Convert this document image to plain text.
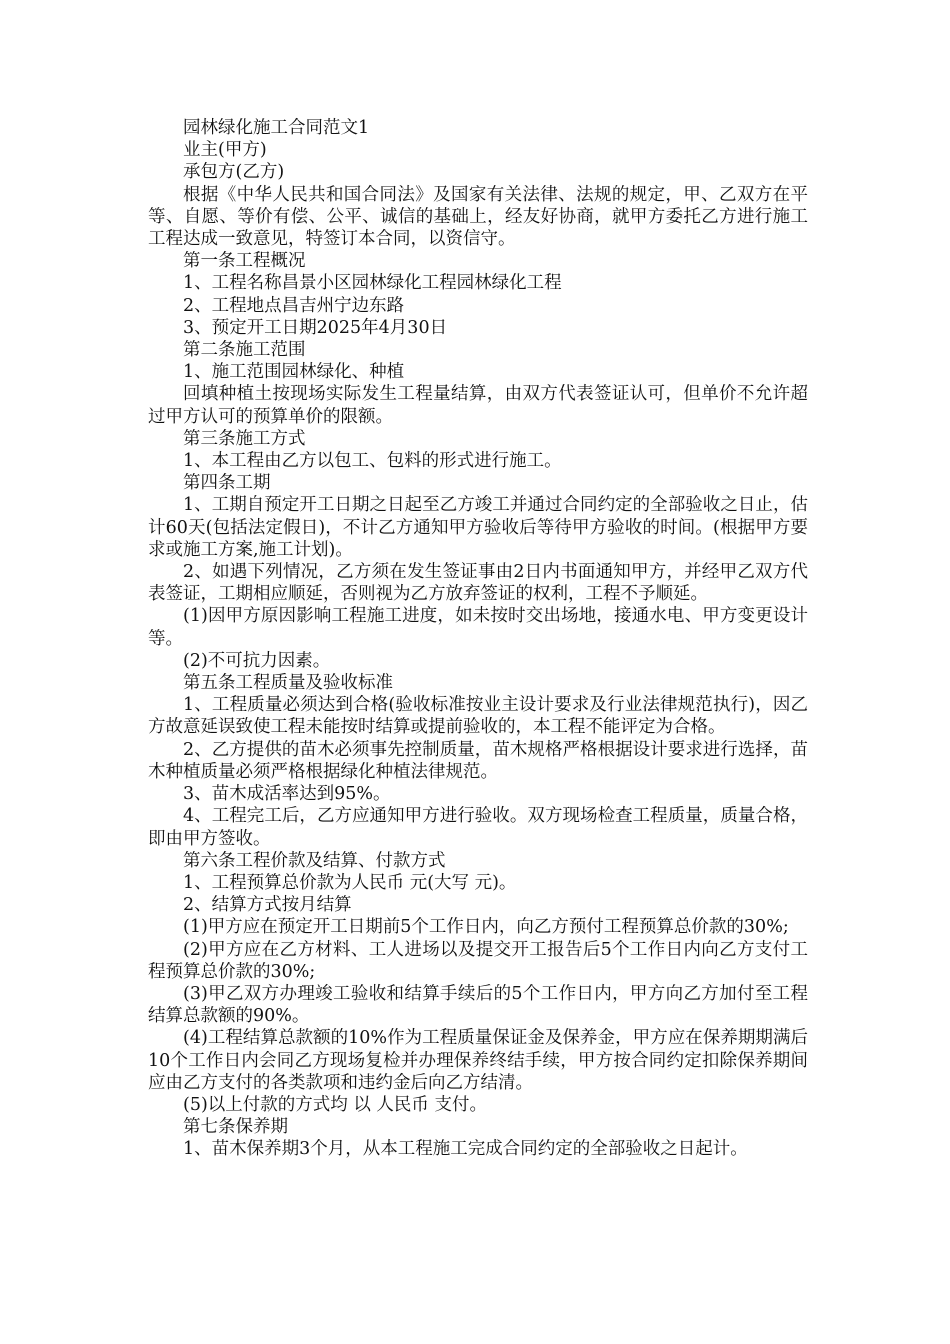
园林绿化施工合同范文1

业主(甲方)

承包方(乙方)

根据《中华人民共和国合同法》及国家有关法律、法规的规定，甲、乙双方在平等、自愿、等价有偿、公平、诚信的基础上，经友好协商，就甲方委托乙方进行施工工程达成一致意见，特签订本合同，以资信守。

第一条工程概况

1、工程名称昌景小区园林绿化工程园林绿化工程

2、工程地点昌吉州宁边东路

3、预定开工日期2025年4月30日

第二条施工范围

1、施工范围园林绿化、种植

回填种植土按现场实际发生工程量结算，由双方代表签证认可，但单价不允许超过甲方认可的预算单价的限额。

第三条施工方式

1、本工程由乙方以包工、包料的形式进行施工。

第四条工期

1、工期自预定开工日期之日起至乙方竣工并通过合同约定的全部验收之日止，估计60天(包括法定假日)，不计乙方通知甲方验收后等待甲方验收的时间。(根据甲方要求或施工方案,施工计划)。

2、如遇下列情况，乙方须在发生签证事由2日内书面通知甲方，并经甲乙双方代表签证，工期相应顺延，否则视为乙方放弃签证的权利，工程不予顺延。

(1)因甲方原因影响工程施工进度，如未按时交出场地，接通水电、甲方变更设计等。

(2)不可抗力因素。

第五条工程质量及验收标准

1、工程质量必须达到合格(验收标准按业主设计要求及行业法律规范执行)，因乙方故意延误致使工程未能按时结算或提前验收的，本工程不能评定为合格。

2、乙方提供的苗木必须事先控制质量，苗木规格严格根据设计要求进行选择，苗木种植质量必须严格根据绿化种植法律规范。

3、苗木成活率达到95%。

4、工程完工后，乙方应通知甲方进行验收。双方现场检查工程质量，质量合格，即由甲方签收。

第六条工程价款及结算、付款方式

1、工程预算总价款为人民币 元(大写 元)。

2、结算方式按月结算

(1)甲方应在预定开工日期前5个工作日内，向乙方预付工程预算总价款的30%;

(2)甲方应在乙方材料、工人进场以及提交开工报告后5个工作日内向乙方支付工程预算总价款的30%;

(3)甲乙双方办理竣工验收和结算手续后的5个工作日内，甲方向乙方加付至工程结算总款额的90%。

(4)工程结算总款额的10%作为工程质量保证金及保养金，甲方应在保养期期满后10个工作日内会同乙方现场复检并办理保养终结手续，甲方按合同约定扣除保养期间应由乙方支付的各类款项和违约金后向乙方结清。

(5)以上付款的方式均 以 人民币 支付。

第七条保养期

1、苗木保养期3个月，从本工程施工完成合同约定的全部验收之日起计。
